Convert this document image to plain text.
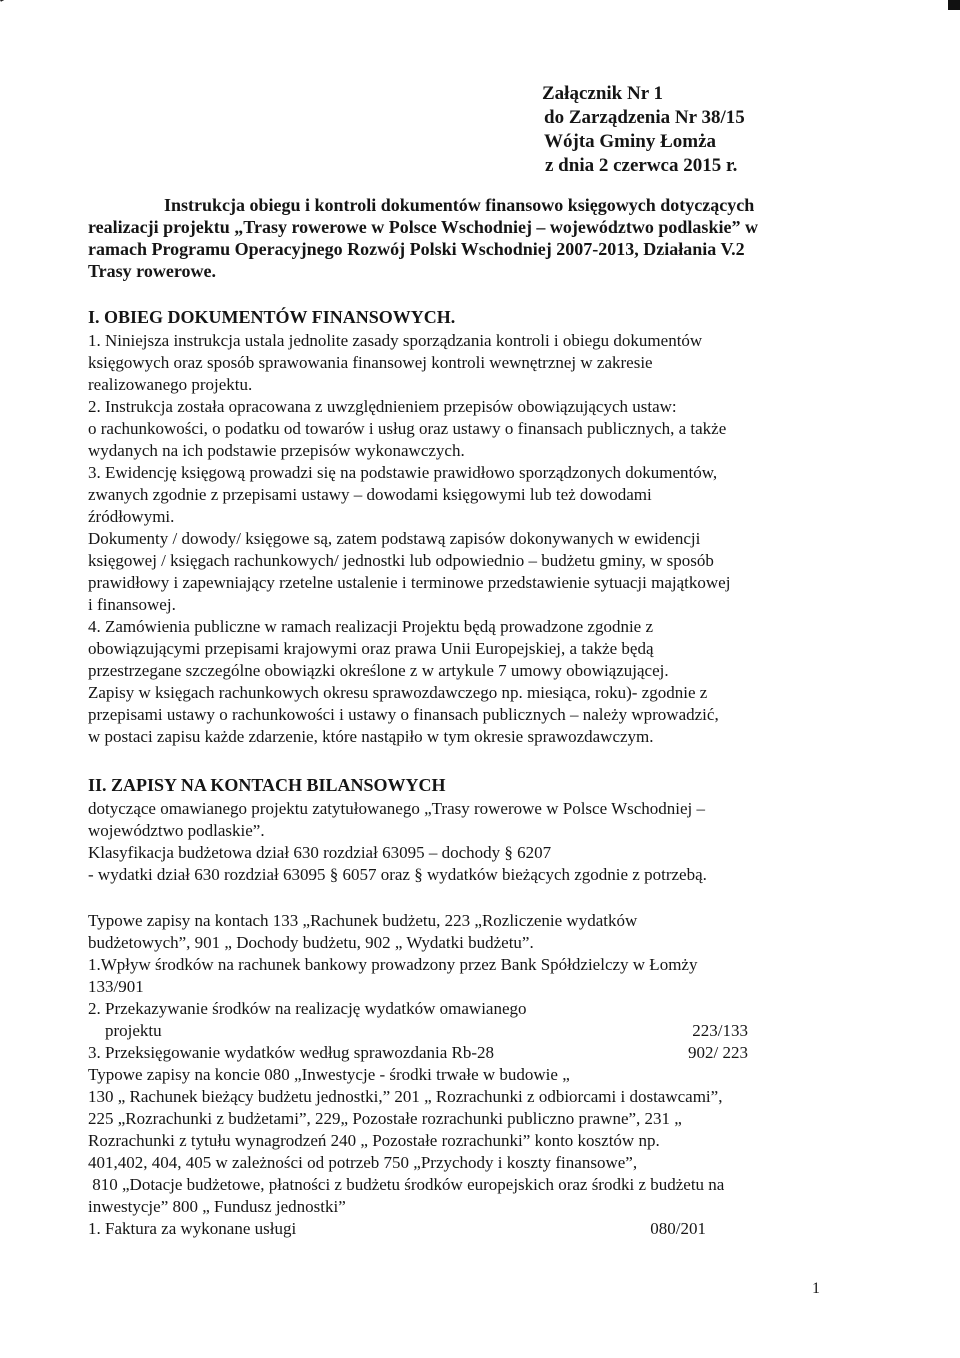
Załącznik Nr 1
do Zarządzenia Nr 38/15
Wójta Gminy Łomża
z dnia 2 czerwca 2015 r.
Instrukcja obiegu i kontroli dokumentów finansowo księgowych dotyczących
realizacji projektu „Trasy rowerowe w Polsce Wschodniej – województwo podlaskie” w
ramach Programu Operacyjnego Rozwój Polski Wschodniej 2007-2013, Działania V.2
Trasy rowerowe.
I. OBIEG DOKUMENTÓW FINANSOWYCH.
1. Niniejsza instrukcja ustala jednolite zasady sporządzania kontroli i obiegu dokumentów
księgowych oraz sposób sprawowania finansowej kontroli wewnętrznej w zakresie
realizowanego projektu.
2. Instrukcja została opracowana z uwzględnieniem przepisów obowiązujących ustaw:
o rachunkowości, o podatku od towarów i usług oraz ustawy o finansach publicznych, a także
wydanych na ich podstawie przepisów wykonawczych.
3. Ewidencję księgową prowadzi się na podstawie prawidłowo sporządzonych dokumentów,
zwanych zgodnie z przepisami ustawy – dowodami księgowymi lub też dowodami
źródłowymi.
Dokumenty / dowody/ księgowe są, zatem podstawą zapisów dokonywanych w ewidencji
księgowej / księgach rachunkowych/ jednostki lub odpowiednio – budżetu gminy, w sposób
prawidłowy i zapewniający rzetelne ustalenie i terminowe przedstawienie sytuacji majątkowej
i finansowej.
4. Zamówienia publiczne w ramach realizacji Projektu będą prowadzone zgodnie z
obowiązującymi przepisami krajowymi oraz prawa Unii Europejskiej, a także będą
przestrzegane szczególne obowiązki określone z w artykule 7 umowy obowiązującej.
Zapisy w księgach rachunkowych okresu sprawozdawczego np. miesiąca, roku)- zgodnie z
przepisami ustawy o rachunkowości i ustawy o finansach publicznych – należy wprowadzić,
w postaci zapisu każde zdarzenie, które nastąpiło w tym okresie sprawozdawczym.
II. ZAPISY NA KONTACH BILANSOWYCH
dotyczące omawianego projektu zatytułowanego „Trasy rowerowe w Polsce Wschodniej –
województwo podlaskie”.
Klasyfikacja budżetowa dział 630 rozdział 63095 – dochody § 6207
- wydatki dział 630 rozdział 63095 § 6057 oraz § wydatków bieżących zgodnie z potrzebą.
Typowe zapisy na kontach 133 „Rachunek budżetu, 223 „Rozliczenie wydatków
budżetowych”, 901 „ Dochody budżetu, 902 „ Wydatki budżetu”.
1.Wpływ środków na rachunek bankowy prowadzony przez Bank Spółdzielczy w Łomży
133/901
2. Przekazywanie środków na realizację wydatków omawianego
projektu	223/133
3. Przeksięgowanie wydatków według sprawozdania Rb-28	902/ 223
Typowe zapisy na koncie 080 „Inwestycje - środki trwałe w budowie „
130 „ Rachunek bieżący budżetu jednostki,” 201 „ Rozrachunki z odbiorcami i dostawcami”,
225 „Rozrachunki z budżetami”, 229„ Pozostałe rozrachunki publiczno prawne”, 231 „
Rozrachunki z tytułu wynagrodzeń 240 „ Pozostałe rozrachunki” konto kosztów np.
401,402, 404, 405 w zależności od potrzeb 750 „Przychody i koszty finansowe”,
810 „Dotacje budżetowe, płatności z budżetu środków europejskich oraz środki z budżetu na
inwestycje” 800 „ Fundusz jednostki”
1. Faktura za wykonane usługi	080/201
1
